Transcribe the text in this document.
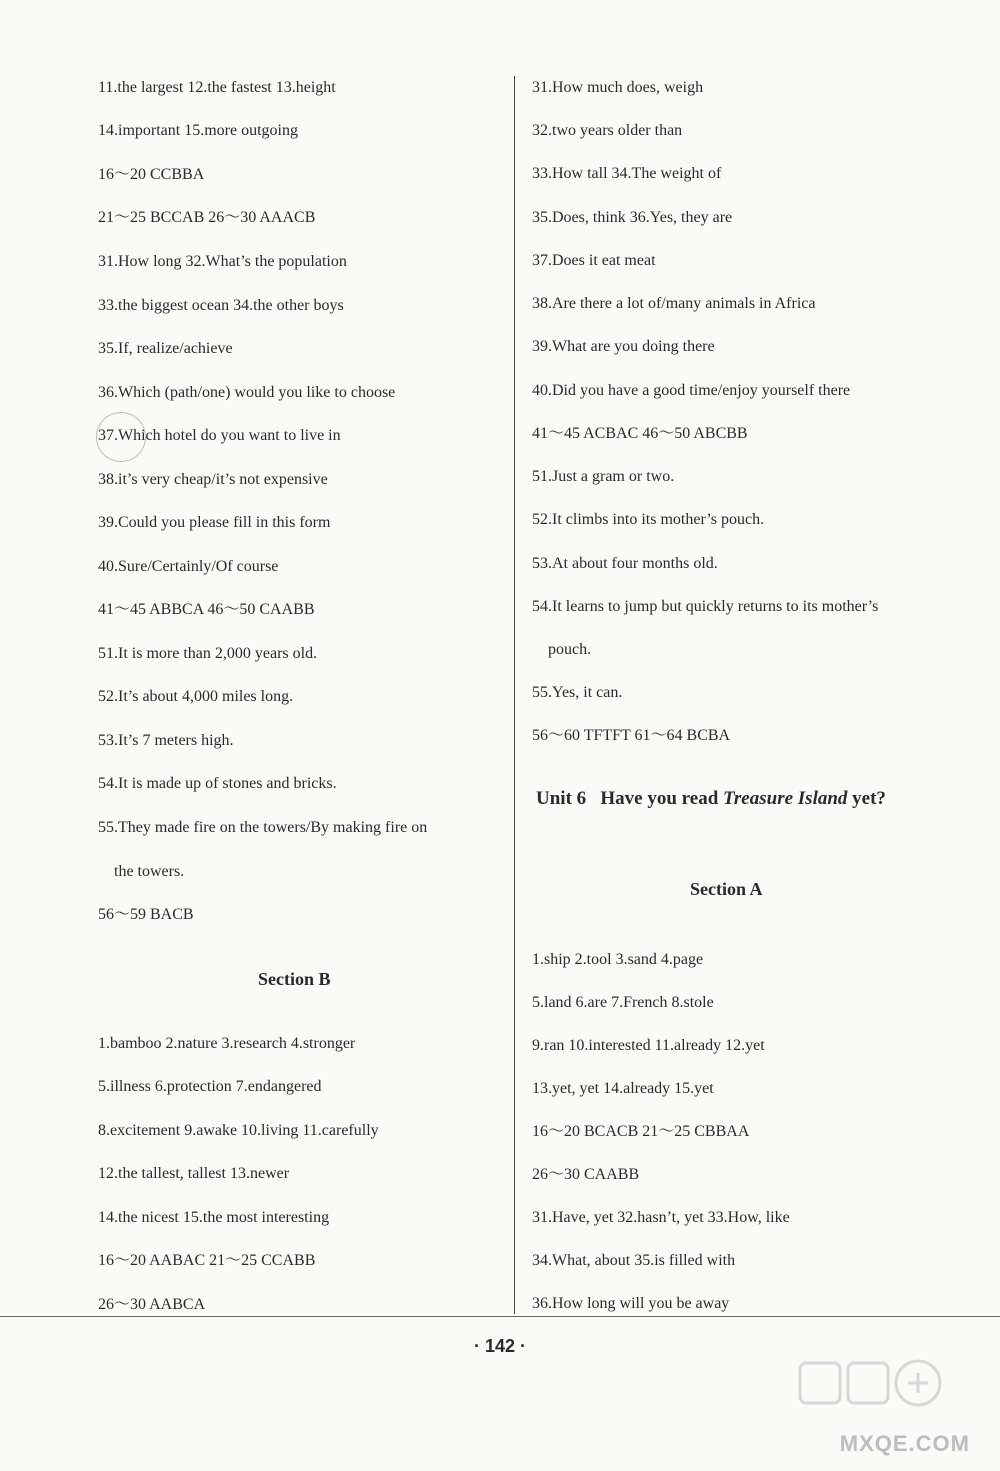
11.the largest 12.the fastest 13.height
14.important 15.more outgoing
16～20 CCBBA
21～25 BCCAB 26～30 AAACB
31.How long 32.What’s the population
33.the biggest ocean 34.the other boys
35.If, realize/achieve
36.Which (path/one) would you like to choose
37.Which hotel do you want to live in
38.it’s very cheap/it’s not expensive
39.Could you please fill in this form
40.Sure/Certainly/Of course
41～45 ABBCA 46～50 CAABB
51.It is more than 2,000 years old.
52.It’s about 4,000 miles long.
53.It’s 7 meters high.
54.It is made up of stones and bricks.
55.They made fire on the towers/By making fire on
the towers.
56～59 BACB
Section B
1.bamboo 2.nature 3.research 4.stronger
5.illness 6.protection 7.endangered
8.excitement 9.awake 10.living 11.carefully
12.the tallest, tallest 13.newer
14.the nicest 15.the most interesting
16～20 AABAC 21～25 CCABB
26～30 AABCA
31.How much does, weigh
32.two years older than
33.How tall 34.The weight of
35.Does, think 36.Yes, they are
37.Does it eat meat
38.Are there a lot of/many animals in Africa
39.What are you doing there
40.Did you have a good time/enjoy yourself there
41～45 ACBAC 46～50 ABCBB
51.Just a gram or two.
52.It climbs into its mother’s pouch.
53.At about four months old.
54.It learns to jump but quickly returns to its mother’s
pouch.
55.Yes, it can.
56～60 TFTFT 61～64 BCBA
Unit 6   Have you read Treasure Island yet?
Section A
1.ship 2.tool 3.sand 4.page
5.land 6.are 7.French 8.stole
9.ran 10.interested 11.already 12.yet
13.yet, yet 14.already 15.yet
16～20 BCACB 21～25 CBBAA
26～30 CAABB
31.Have, yet 32.hasn’t, yet 33.How, like
34.What, about 35.is filled with
36.How long will you be away
· 142 ·
MXQE.COM
